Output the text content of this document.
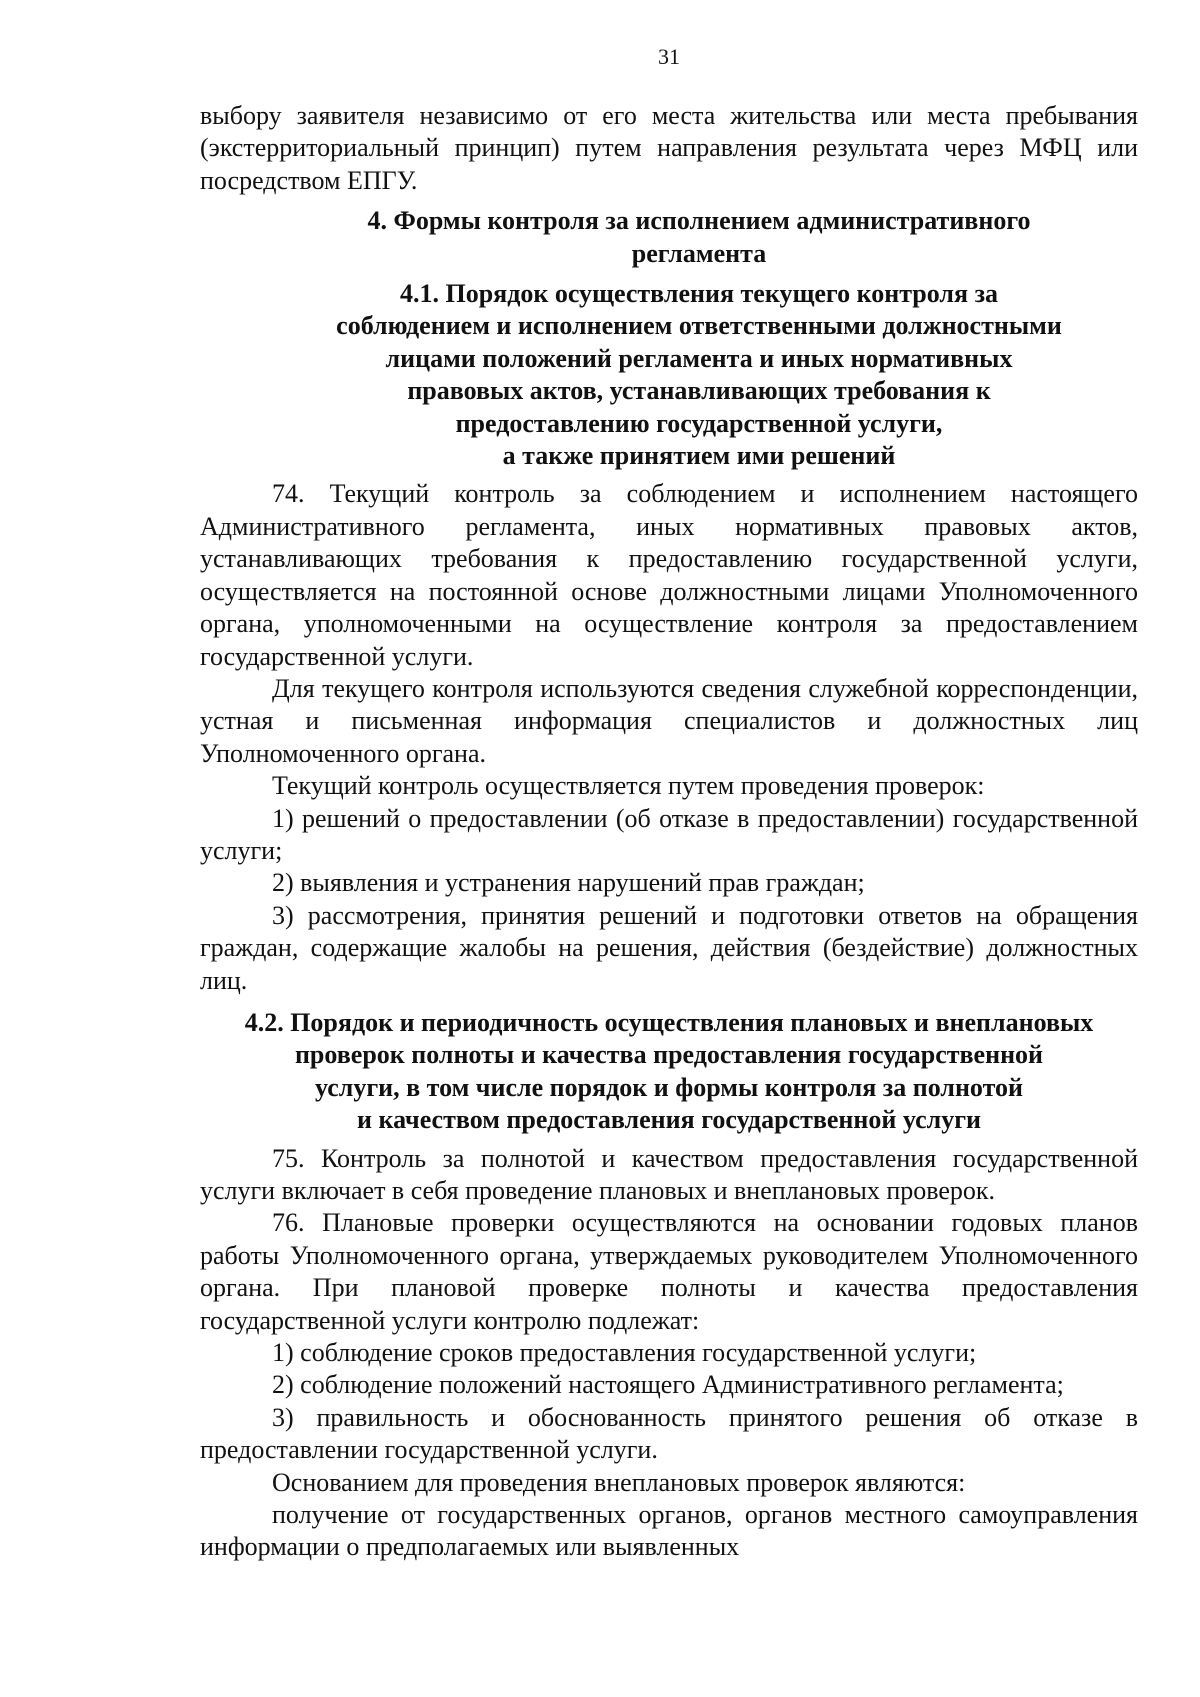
31

выбору заявителя независимо от его места жительства или места пребывания (экстерриториальный принцип) путем направления результата через МФЦ или посредством ЕПГУ.

4. Формы контроля за исполнением административного
регламента
4.1. Порядок осуществления текущего контроля за
соблюдением и исполнением ответственными должностными
лицами положений регламента и иных нормативных
правовых актов, устанавливающих требования к
предоставлению государственной услуги,
а также принятием ими решений

74. Текущий контроль за соблюдением и исполнением настоящего Административного регламента, иных нормативных правовых актов, устанавливающих требования к предоставлению государственной услуги, осуществляется на постоянной основе должностными лицами Уполномоченного органа, уполномоченными на осуществление контроля за предоставлением государственной услуги.

Для текущего контроля используются сведения служебной корреспонденции, устная и письменная информация специалистов и должностных лиц Уполномоченного органа.

Текущий контроль осуществляется путем проведения проверок:

1) решений о предоставлении (об отказе в предоставлении) государственной услуги;

2) выявления и устранения нарушений прав граждан;

3) рассмотрения, принятия решений и подготовки ответов на обращения граждан, содержащие жалобы на решения, действия (бездействие) должностных лиц.

4.2. Порядок и периодичность осуществления плановых и внеплановых
проверок полноты и качества предоставления государственной
услуги, в том числе порядок и формы контроля за полнотой
и качеством предоставления государственной услуги

75. Контроль за полнотой и качеством предоставления государственной услуги включает в себя проведение плановых и внеплановых проверок.

76. Плановые проверки осуществляются на основании годовых планов работы Уполномоченного органа, утверждаемых руководителем Уполномоченного органа. При плановой проверке полноты и качества предоставления государственной услуги контролю подлежат:

1) соблюдение сроков предоставления государственной услуги;

2) соблюдение положений настоящего Административного регламента;

3) правильность и обоснованность принятого решения об отказе в предоставлении государственной услуги.

Основанием для проведения внеплановых проверок являются:

получение от государственных органов, органов местного самоуправления информации о предполагаемых или выявленных
